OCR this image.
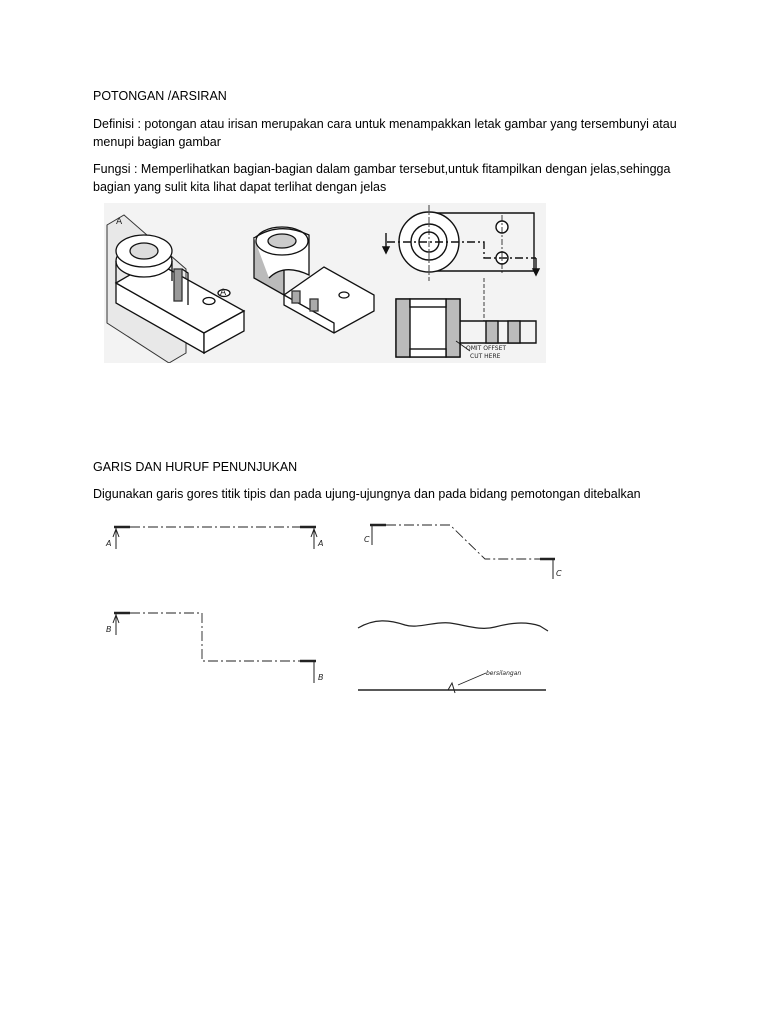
POTONGAN /ARSIRAN

Definisi : potongan atau irisan merupakan cara untuk menampakkan letak gambar yang tersembunyi atau menupi bagian gambar

Fungsi : Memperlihatkan bagian-bagian dalam gambar tersebut,untuk fitampilkan dengan jelas,sehingga bagian yang sulit kita lihat dapat terlihat dengan jelas

A
A
OMIT OFFSET
CUT HERE

GARIS DAN HURUF PENUNJUKAN

Digunakan garis gores titik tipis dan pada ujung-ujungnya dan pada bidang pemotongan ditebalkan

A	A	C
C
B
B	bersilangan
